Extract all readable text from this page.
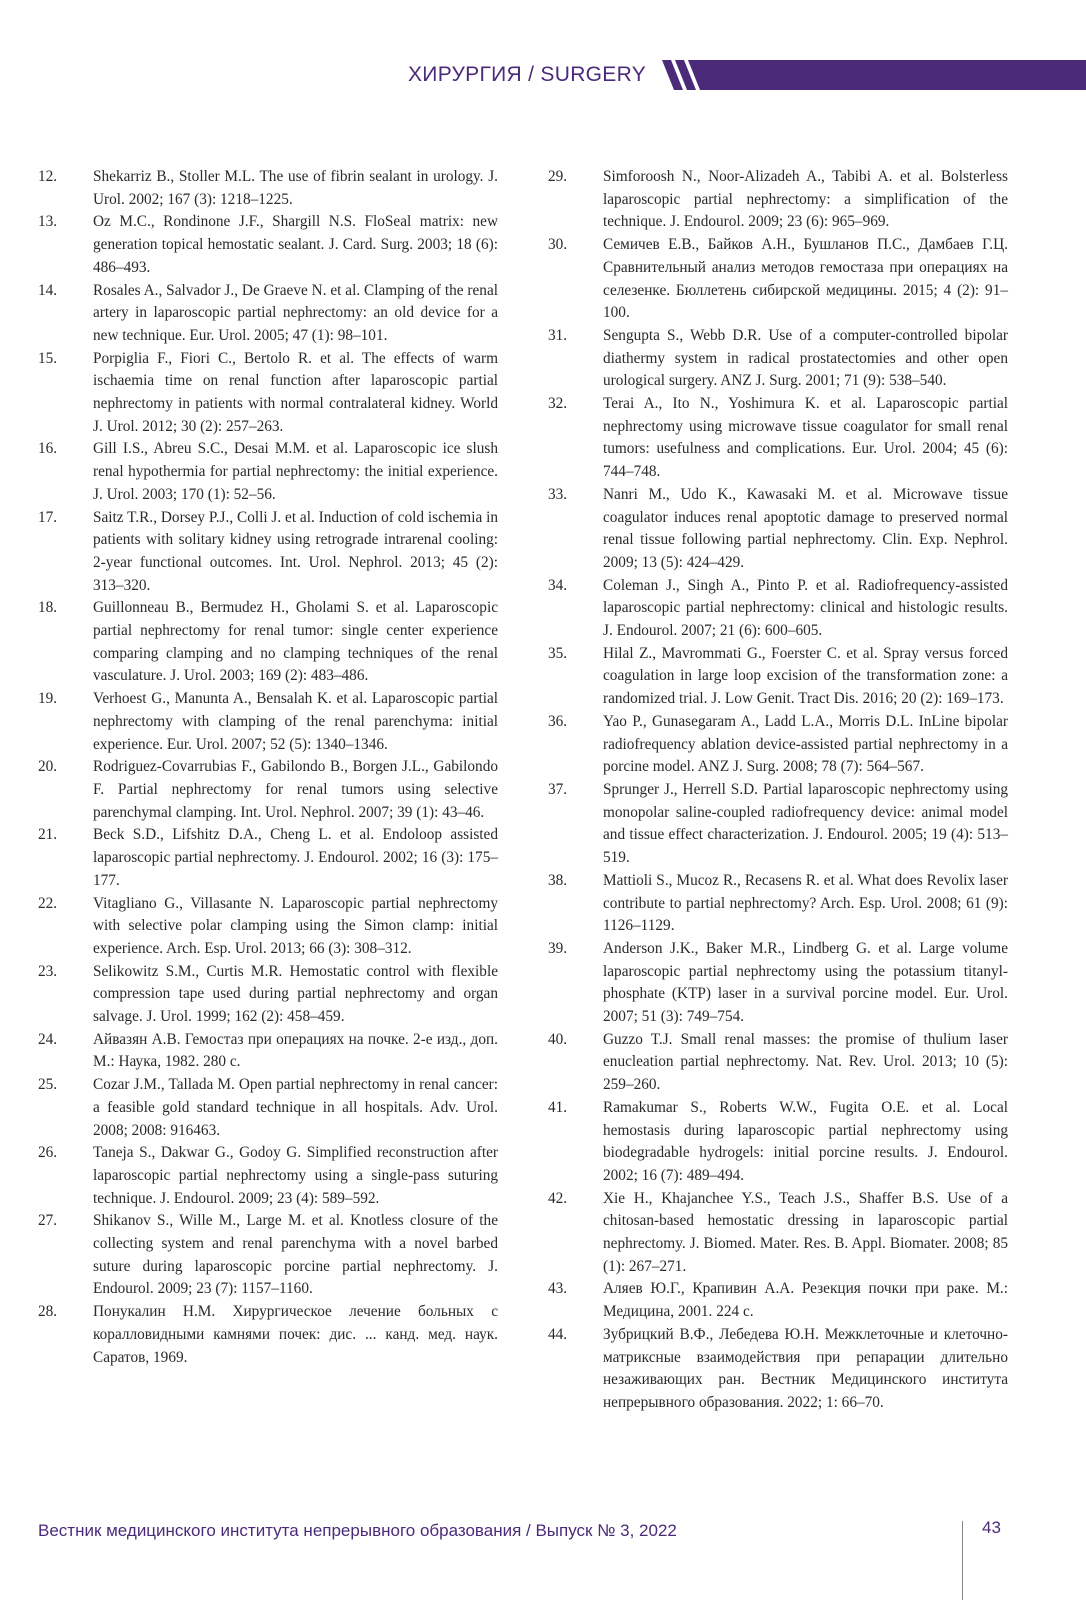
ХИРУРГИЯ / SURGERY
12.	Shekarriz B., Stoller M.L. The use of fibrin sealant in urology. J. Urol. 2002; 167 (3): 1218–1225.
13.	Oz M.C., Rondinone J.F., Shargill N.S. FloSeal matrix: new generation topical hemostatic sealant. J. Card. Surg. 2003; 18 (6): 486–493.
14.	Rosales A., Salvador J., De Graeve N. et al. Clamping of the renal artery in laparoscopic partial nephrectomy: an old device for a new technique. Eur. Urol. 2005; 47 (1): 98–101.
15.	Porpiglia F., Fiori C., Bertolo R. et al. The effects of warm ischaemia time on renal function after laparoscopic partial nephrectomy in patients with normal contralateral kidney. World J. Urol. 2012; 30 (2): 257–263.
16.	Gill I.S., Abreu S.C., Desai M.M. et al. Laparoscopic ice slush renal hypothermia for partial nephrectomy: the initial experience. J. Urol. 2003; 170 (1): 52–56.
17.	Saitz T.R., Dorsey P.J., Colli J. et al. Induction of cold ischemia in patients with solitary kidney using retrograde intrarenal cooling: 2-year functional outcomes. Int. Urol. Nephrol. 2013; 45 (2): 313–320.
18.	Guillonneau B., Bermudez H., Gholami S. et al. Laparoscopic partial nephrectomy for renal tumor: single center experience comparing clamping and no clamping techniques of the renal vasculature. J. Urol. 2003; 169 (2): 483–486.
19.	Verhoest G., Manunta A., Bensalah K. et al. Laparoscopic partial nephrectomy with clamping of the renal parenchyma: initial experience. Eur. Urol. 2007; 52 (5): 1340–1346.
20.	Rodriguez-Covarrubias F., Gabilondo B., Borgen J.L., Gabilondo F. Partial nephrectomy for renal tumors using selective parenchymal clamping. Int. Urol. Nephrol. 2007; 39 (1): 43–46.
21.	Beck S.D., Lifshitz D.A., Cheng L. et al. Endoloop assisted laparoscopic partial nephrectomy. J. Endourol. 2002; 16 (3): 175–177.
22.	Vitagliano G., Villasante N. Laparoscopic partial nephrectomy with selective polar clamping using the Simon clamp: initial experience. Arch. Esp. Urol. 2013; 66 (3): 308–312.
23.	Selikowitz S.M., Curtis M.R. Hemostatic control with flexible compression tape used during partial nephrectomy and organ salvage. J. Urol. 1999; 162 (2): 458–459.
24.	Айвазян А.В. Гемостаз при операциях на почке. 2-е изд., доп. М.: Наука, 1982. 280 с.
25.	Cozar J.M., Tallada M. Open partial nephrectomy in renal cancer: a feasible gold standard technique in all hospitals. Adv. Urol. 2008; 2008: 916463.
26.	Taneja S., Dakwar G., Godoy G. Simplified reconstruction after laparoscopic partial nephrectomy using a single-pass suturing technique. J. Endourol. 2009; 23 (4): 589–592.
27.	Shikanov S., Wille M., Large M. et al. Knotless closure of the collecting system and renal parenchyma with a novel barbed suture during laparoscopic porcine partial nephrectomy. J. Endourol. 2009; 23 (7): 1157–1160.
28.	Понукалин Н.М. Хирургическое лечение больных с коралловидными камнями почек: дис. ... канд. мед. наук. Саратов, 1969.
29.	Simforoosh N., Noor-Alizadeh A., Tabibi A. et al. Bolsterless laparoscopic partial nephrectomy: a simplification of the technique. J. Endourol. 2009; 23 (6): 965–969.
30.	Семичев Е.В., Байков А.Н., Бушланов П.С., Дамбаев Г.Ц. Сравнительный анализ методов гемостаза при операциях на селезенке. Бюллетень сибирской медицины. 2015; 4 (2): 91–100.
31.	Sengupta S., Webb D.R. Use of a computer-controlled bipolar diathermy system in radical prostatectomies and other open urological surgery. ANZ J. Surg. 2001; 71 (9): 538–540.
32.	Terai A., Ito N., Yoshimura K. et al. Laparoscopic partial nephrectomy using microwave tissue coagulator for small renal tumors: usefulness and complications. Eur. Urol. 2004; 45 (6): 744–748.
33.	Nanri M., Udo K., Kawasaki M. et al. Microwave tissue coagulator induces renal apoptotic damage to preserved normal renal tissue following partial nephrectomy. Clin. Exp. Nephrol. 2009; 13 (5): 424–429.
34.	Coleman J., Singh A., Pinto P. et al. Radiofrequency-assisted laparoscopic partial nephrectomy: clinical and histologic results. J. Endourol. 2007; 21 (6): 600–605.
35.	Hilal Z., Mavrommati G., Foerster C. et al. Spray versus forced coagulation in large loop excision of the transformation zone: a randomized trial. J. Low Genit. Tract Dis. 2016; 20 (2): 169–173.
36.	Yao P., Gunasegaram A., Ladd L.A., Morris D.L. InLine bipolar radiofrequency ablation device-assisted partial nephrectomy in a porcine model. ANZ J. Surg. 2008; 78 (7): 564–567.
37.	Sprunger J., Herrell S.D. Partial laparoscopic nephrectomy using monopolar saline-coupled radiofrequency device: animal model and tissue effect characterization. J. Endourol. 2005; 19 (4): 513–519.
38.	Mattioli S., Mucoz R., Recasens R. et al. What does Revolix laser contribute to partial nephrectomy? Arch. Esp. Urol. 2008; 61 (9): 1126–1129.
39.	Anderson J.K., Baker M.R., Lindberg G. et al. Large volume laparoscopic partial nephrectomy using the potassium titanyl-phosphate (KTP) laser in a survival porcine model. Eur. Urol. 2007; 51 (3): 749–754.
40.	Guzzo T.J. Small renal masses: the promise of thulium laser enucleation partial nephrectomy. Nat. Rev. Urol. 2013; 10 (5): 259–260.
41.	Ramakumar S., Roberts W.W., Fugita O.E. et al. Local hemostasis during laparoscopic partial nephrectomy using biodegradable hydrogels: initial porcine results. J. Endourol. 2002; 16 (7): 489–494.
42.	Xie H., Khajanchee Y.S., Teach J.S., Shaffer B.S. Use of a chitosan-based hemostatic dressing in laparoscopic partial nephrectomy. J. Biomed. Mater. Res. B. Appl. Biomater. 2008; 85 (1): 267–271.
43.	Аляев Ю.Г., Крапивин А.А. Резекция почки при раке. М.: Медицина, 2001. 224 с.
44.	Зубрицкий В.Ф., Лебедева Ю.Н. Межклеточные и клеточно-матриксные взаимодействия при репарации длительно незаживающих ран. Вестник Медицинского института непрерывного образования. 2022; 1: 66–70.
Вестник медицинского института непрерывного образования / Выпуск № 3, 2022	43
